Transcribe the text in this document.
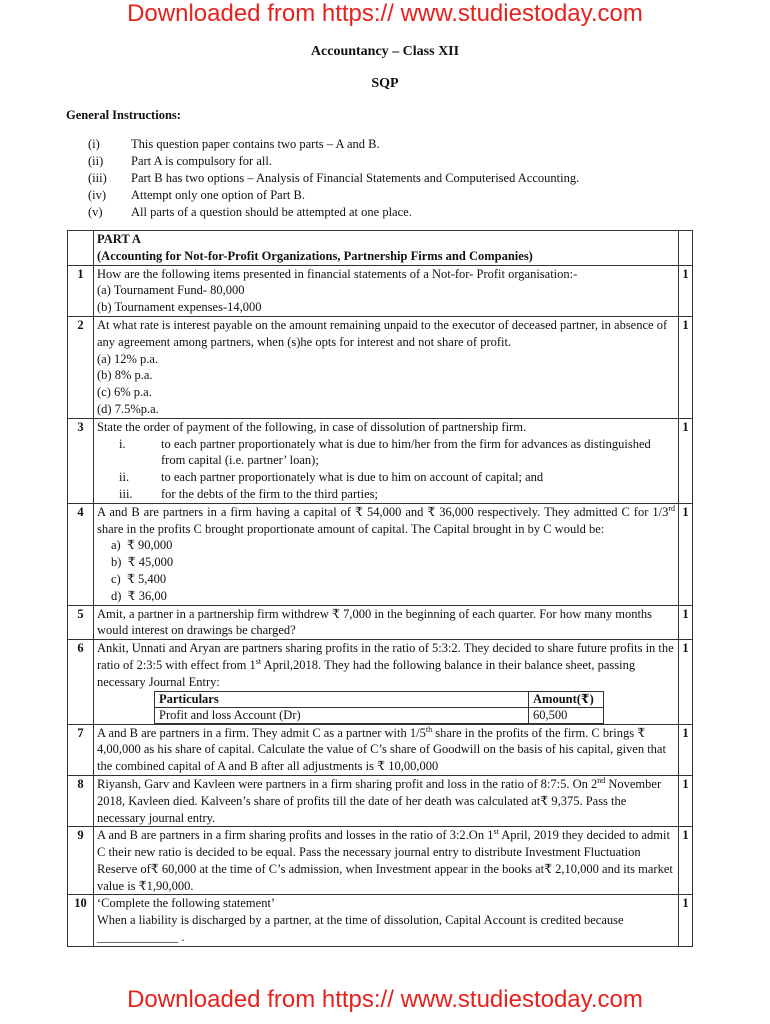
Downloaded from https:// www.studiestoday.com
Accountancy – Class XII
SQP
General Instructions:
(i) This question paper contains two parts – A and B.
(ii) Part A is compulsory for all.
(iii) Part B has two options – Analysis of Financial Statements and Computerised Accounting.
(iv) Attempt only one option of Part B.
(v) All parts of a question should be attempted at one place.

PART A
(Accounting for Not-for-Profit Organizations, Partnership Firms and Companies)

1	How are the following items presented in financial statements of a Not-for- Profit organisation:-
(a) Tournament Fund- 80,000
(b) Tournament expenses-14,000
	1
2	At what rate is interest payable on the amount remaining unpaid to the executor of deceased partner, in absence of any agreement among partners, when (s)he opts for interest and not share of profit.
(a) 12% p.a.
(b) 8% p.a.
(c) 6% p.a.
(d) 7.5%p.a.
	1
3	State the order of payment of the following, in case of dissolution of partnership firm.
i.	to each partner proportionately what is due to him/her from the firm for advances as distinguished from capital (i.e. partner’ loan);
ii.	to each partner proportionately what is due to him on account of capital; and
iii. for the debts of the firm to the third parties;
	1
4	A and B are partners in a firm having a capital of ₹ 54,000 and ₹ 36,000 respectively. They admitted C for 1/3rd share in the profits C brought proportionate amount of capital. The Capital brought in by C would be:
a) ₹ 90,000
b) ₹ 45,000
c) ₹ 5,400
d) ₹ 36,00
	1
5	Amit, a partner in a partnership firm withdrew ₹ 7,000 in the beginning of each quarter. For how many months would interest on drawings be charged?
	1
6	Ankit, Unnati and Aryan are partners sharing profits in the ratio of 5:3:2. They decided to share future profits in the ratio of 2:3:5 with effect from 1st April,2018. They had the following balance in their balance sheet, passing necessary Journal Entry:
Particulars	Amount(₹)
Profit and loss Account (Dr)	60,500
	1
7	A and B are partners in a firm. They admit C as a partner with 1/5th share in the profits of the firm. C brings ₹ 4,00,000 as his share of capital. Calculate the value of C’s share of Goodwill on the basis of his capital, given that the combined capital of A and B after all adjustments is ₹ 10,00,000
	1
8	Riyansh, Garv and Kavleen were partners in a firm sharing profit and loss in the ratio of 8:7:5. On 2nd November 2018, Kavleen died. Kalveen’s share of profits till the date of her death was calculated at₹ 9,375. Pass the necessary journal entry.
	1
9	A and B are partners in a firm sharing profits and losses in the ratio of 3:2.On 1st April, 2019 they decided to admit C their new ratio is decided to be equal. Pass the necessary journal entry to distribute Investment Fluctuation Reserve of₹ 60,000 at the time of C’s admission, when Investment appear in the books at₹ 2,10,000 and its market value is ₹1,90,000.
	1
10	‘Complete the following statement’
When a liability is discharged by a partner, at the time of dissolution, Capital Account is credited because _____________ .
	1
Downloaded from https:// www.studiestoday.com
